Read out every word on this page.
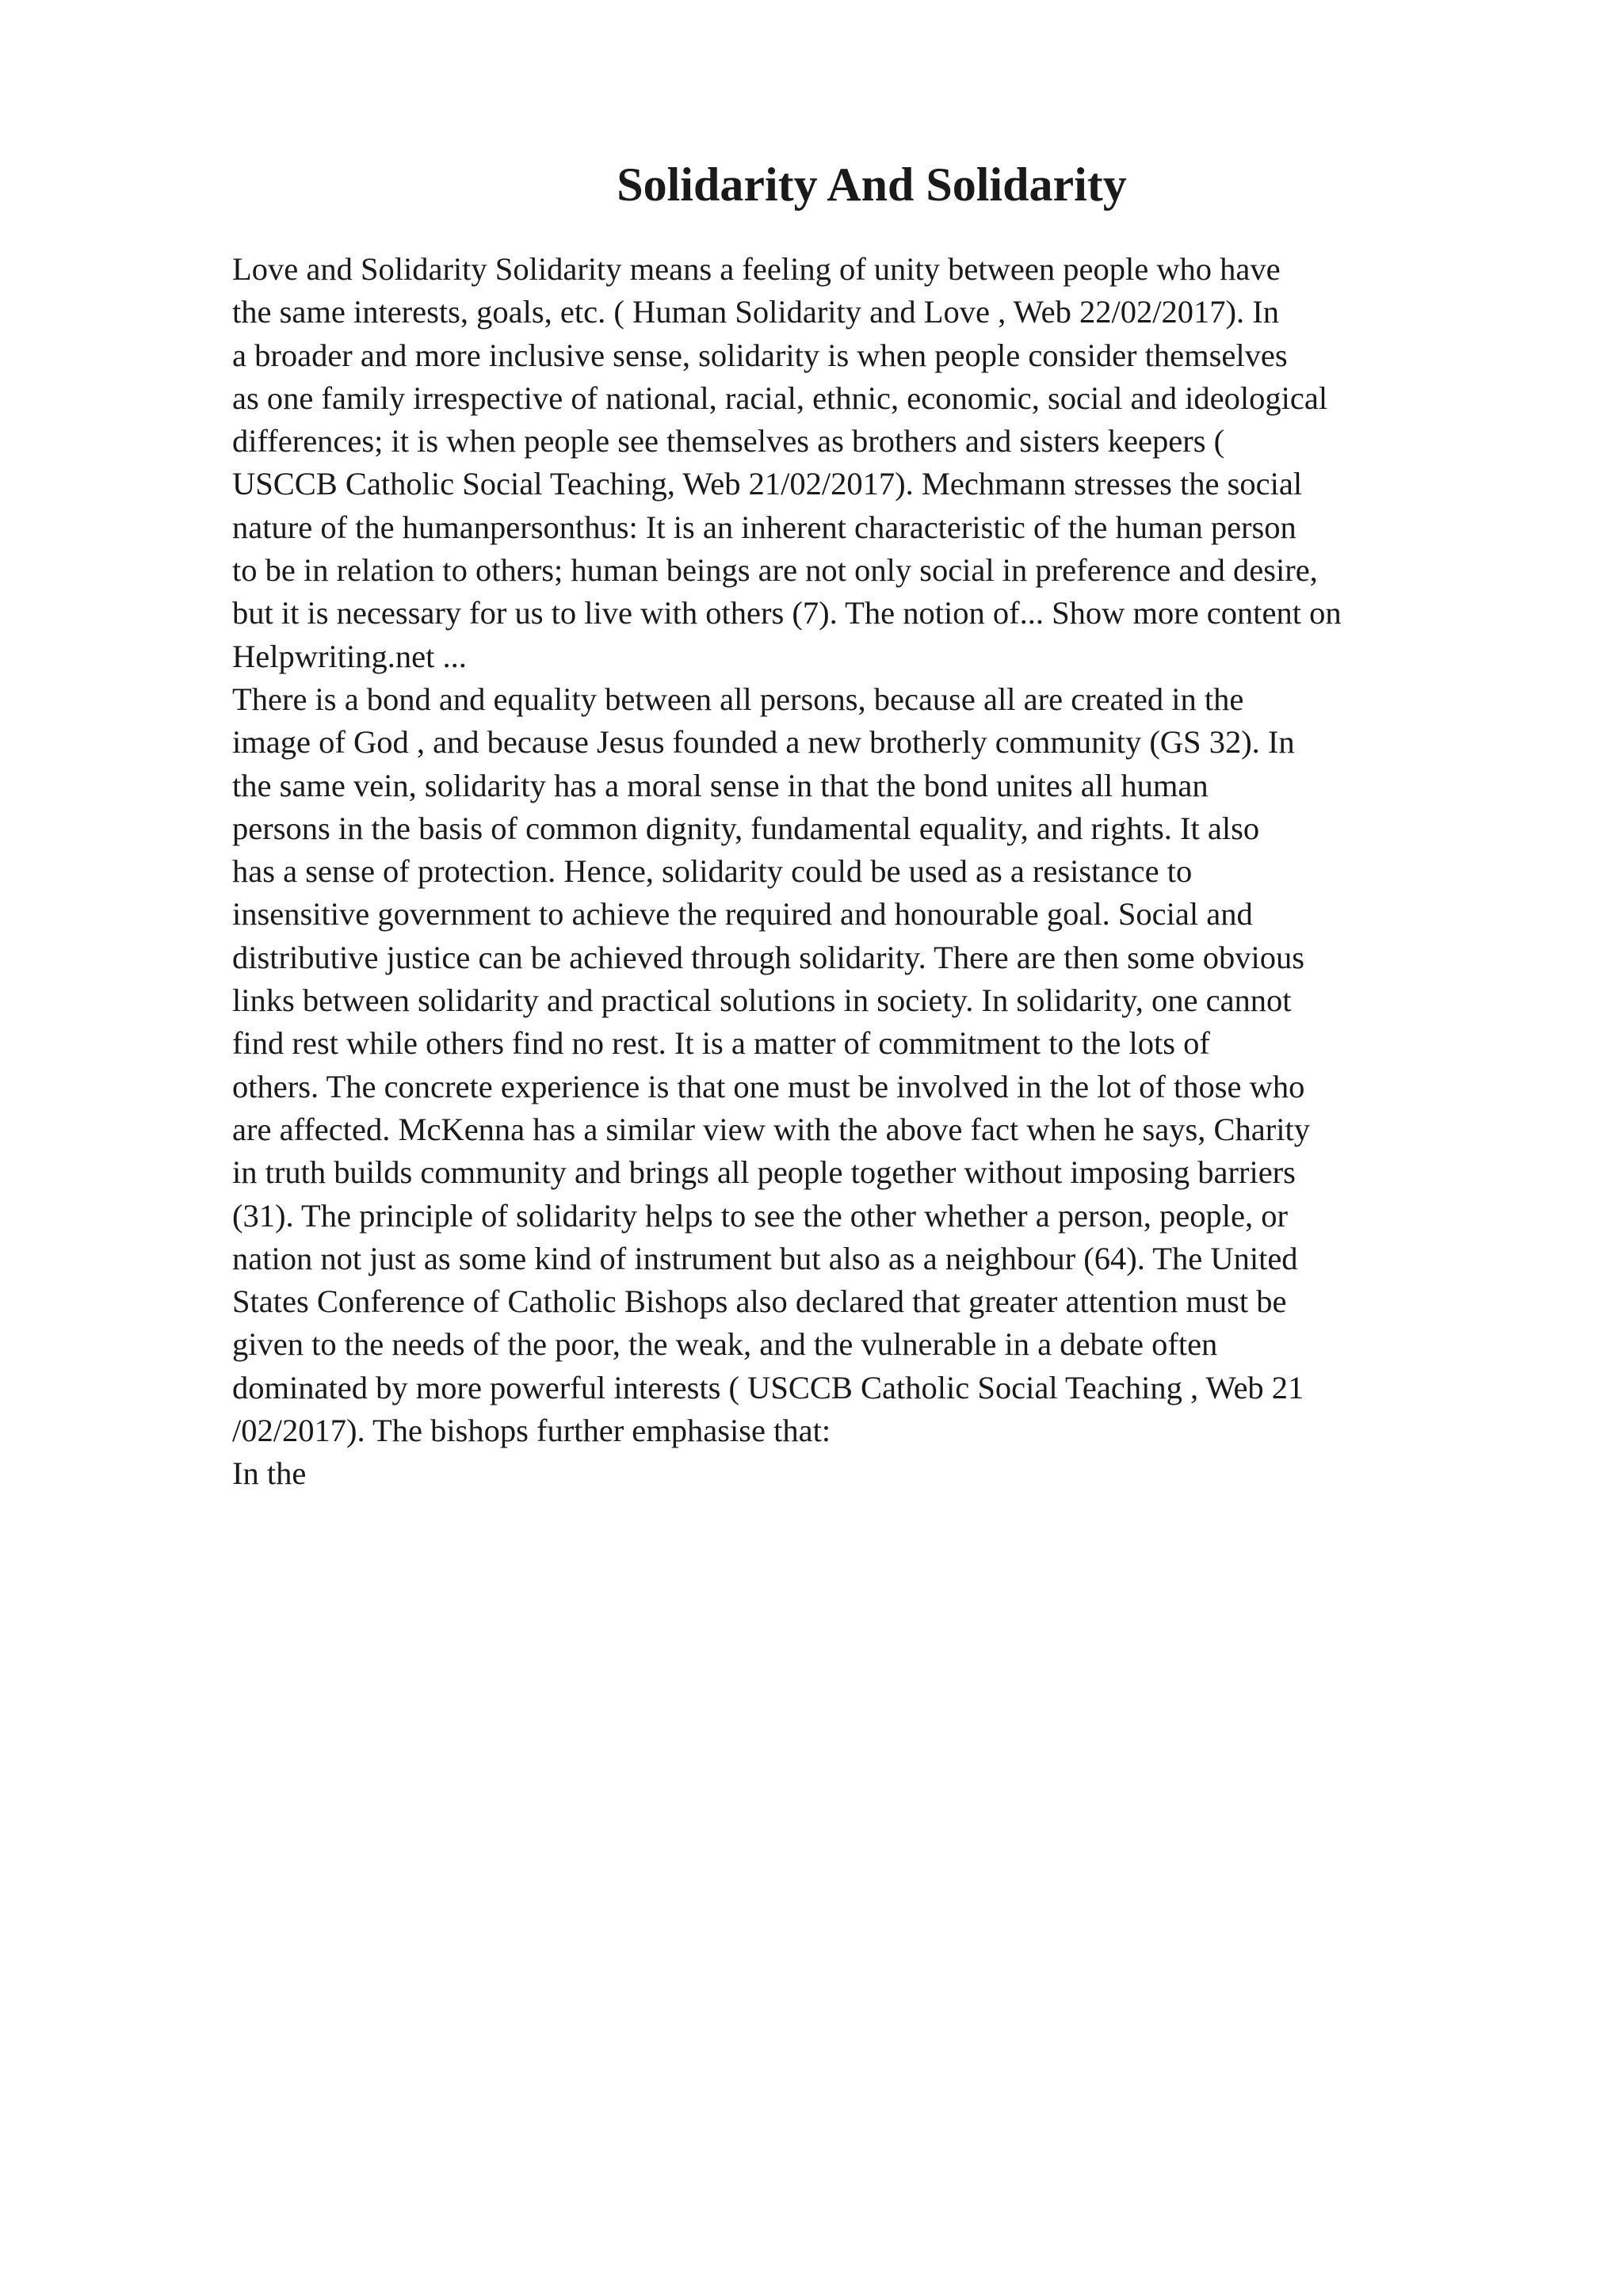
Solidarity And Solidarity
Love and Solidarity Solidarity means a feeling of unity between people who have
the same interests, goals, etc. ( Human Solidarity and Love , Web 22/02/2017). In
a broader and more inclusive sense, solidarity is when people consider themselves
as one family irrespective of national, racial, ethnic, economic, social and ideological
differences; it is when people see themselves as brothers and sisters keepers (
USCCB Catholic Social Teaching, Web 21/02/2017). Mechmann stresses the social
nature of the humanpersonthus: It is an inherent characteristic of the human person
to be in relation to others; human beings are not only social in preference and desire,
but it is necessary for us to live with others (7). The notion of... Show more content on
Helpwriting.net ...
There is a bond and equality between all persons, because all are created in the
image of God , and because Jesus founded a new brotherly community (GS 32). In
the same vein, solidarity has a moral sense in that the bond unites all human
persons in the basis of common dignity, fundamental equality, and rights. It also
has a sense of protection. Hence, solidarity could be used as a resistance to
insensitive government to achieve the required and honourable goal. Social and
distributive justice can be achieved through solidarity. There are then some obvious
links between solidarity and practical solutions in society. In solidarity, one cannot
find rest while others find no rest. It is a matter of commitment to the lots of
others. The concrete experience is that one must be involved in the lot of those who
are affected. McKenna has a similar view with the above fact when he says, Charity
in truth builds community and brings all people together without imposing barriers
(31). The principle of solidarity helps to see the other whether a person, people, or
nation not just as some kind of instrument but also as a neighbour (64). The United
States Conference of Catholic Bishops also declared that greater attention must be
given to the needs of the poor, the weak, and the vulnerable in a debate often
dominated by more powerful interests ( USCCB Catholic Social Teaching , Web 21
/02/2017). The bishops further emphasise that:
In the
